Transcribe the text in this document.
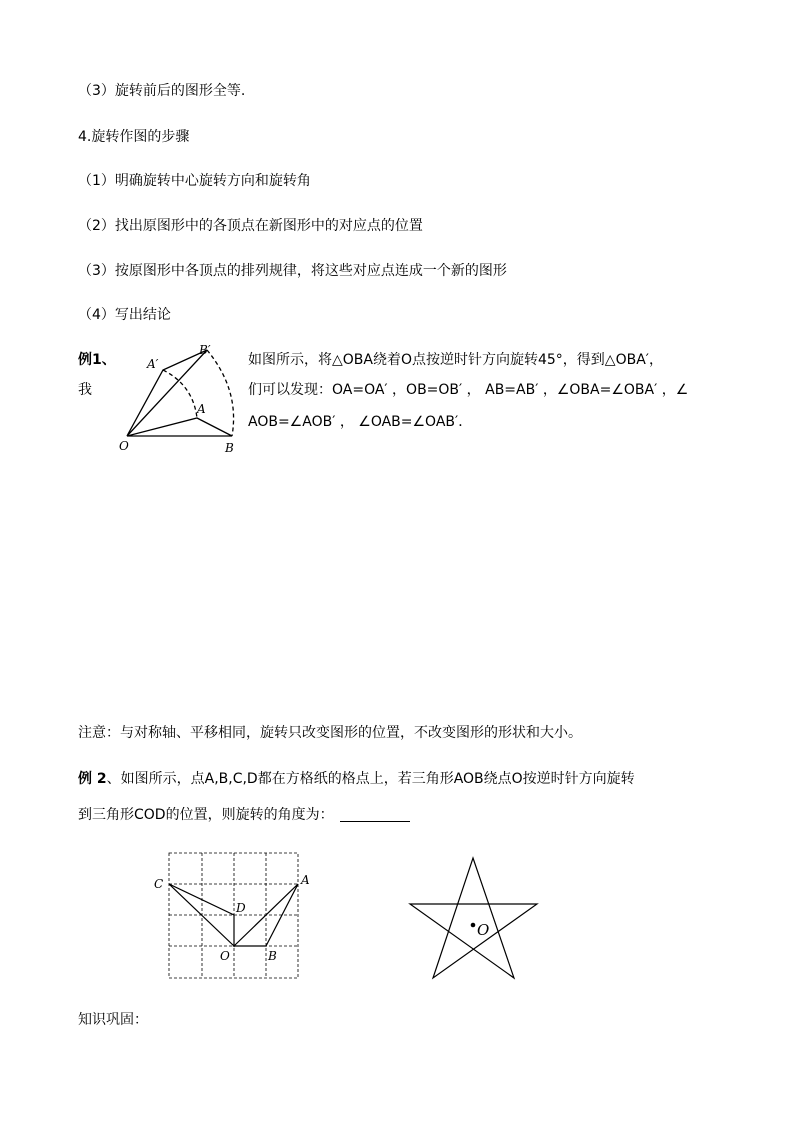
（3）旋转前后的图形全等.
4.旋转作图的步骤
（1）明确旋转中心旋转方向和旋转角
（2）找出原图形中的各顶点在新图形中的对应点的位置
（3）按原图形中各顶点的排列规律，将这些对应点连成一个新的图形
（4）写出结论
例1、
我
如图所示，将△OBA绕着O点按逆时针方向旋转45°，得到△OBA′，
们可以发现：OA=OA′ ，OB=OB′ ， AB=AB′ ，∠OBA=∠OBA′ ，∠
AOB=∠AOB′ ， ∠OAB=∠OAB′．
A′
B′
A
O	B
注意：与对称轴、平移相同，旋转只改变图形的位置，不改变图形的形状和大小。
例 2、如图所示，点A,B,C,D都在方格纸的格点上，若三角形AOB绕点O按逆时针方向旋转
到三角形COD的位置，则旋转的角度为：
C	A
D
O	B
O
知识巩固：
